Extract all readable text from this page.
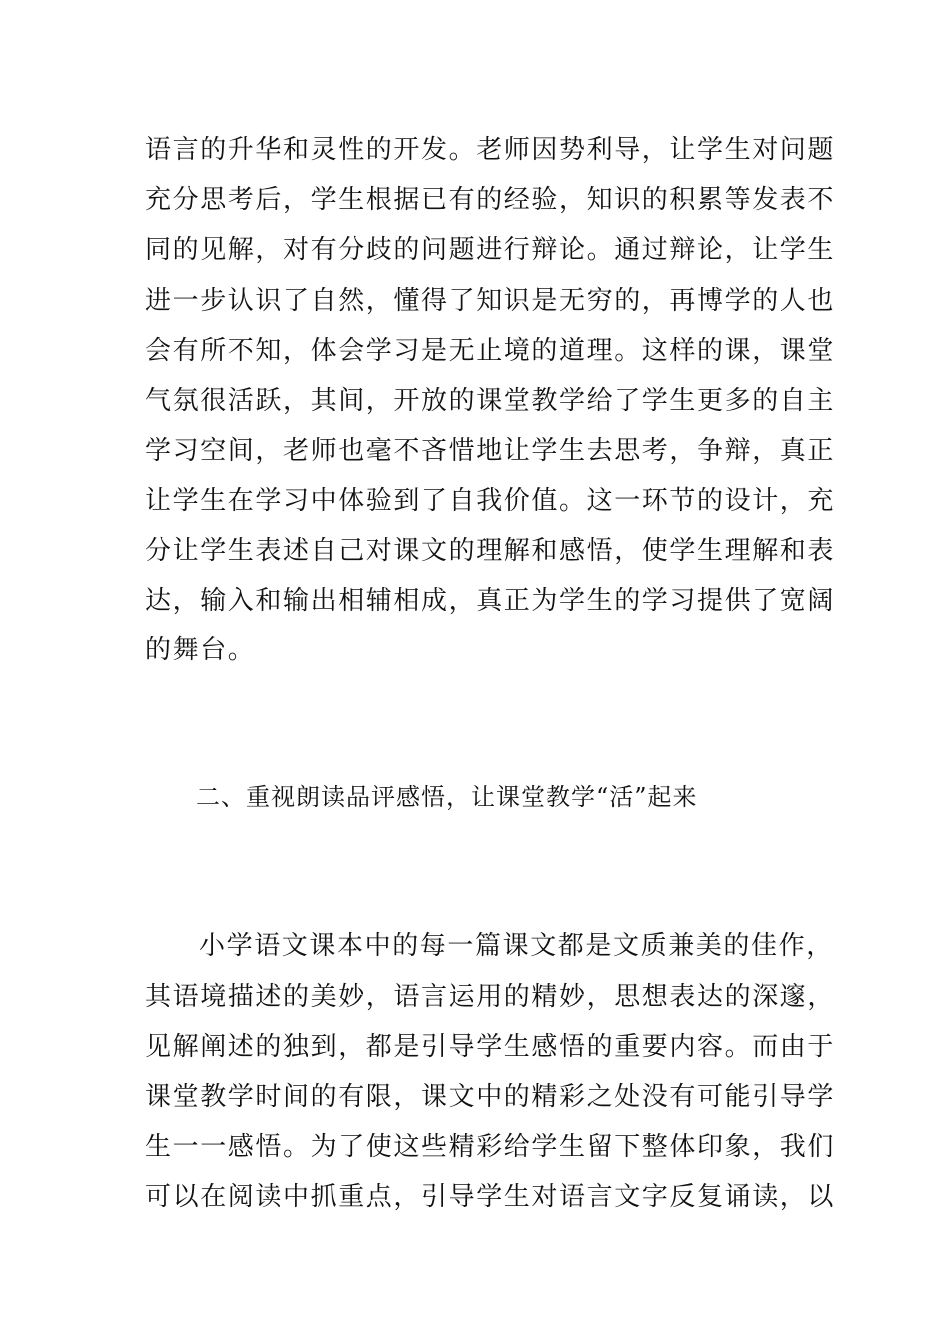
语言的升华和灵性的开发。老师因势利导，让学生对问题
充分思考后，学生根据已有的经验，知识的积累等发表不
同的见解，对有分歧的问题进行辩论。通过辩论，让学生
进一步认识了自然，懂得了知识是无穷的，再博学的人也
会有所不知，体会学习是无止境的道理。这样的课，课堂
气氛很活跃，其间，开放的课堂教学给了学生更多的自主
学习空间，老师也毫不吝惜地让学生去思考，争辩，真正
让学生在学习中体验到了自我价值。这一环节的设计，充
分让学生表述自己对课文的理解和感悟，使学生理解和表
达，输入和输出相辅相成，真正为学生的学习提供了宽阔
的舞台。
二、重视朗读品评感悟，让课堂教学“活”起来
小学语文课本中的每一篇课文都是文质兼美的佳作，
其语境描述的美妙，语言运用的精妙，思想表达的深邃，
见解阐述的独到，都是引导学生感悟的重要内容。而由于
课堂教学时间的有限，课文中的精彩之处没有可能引导学
生一一感悟。为了使这些精彩给学生留下整体印象，我们
可以在阅读中抓重点，引导学生对语言文字反复诵读，以
